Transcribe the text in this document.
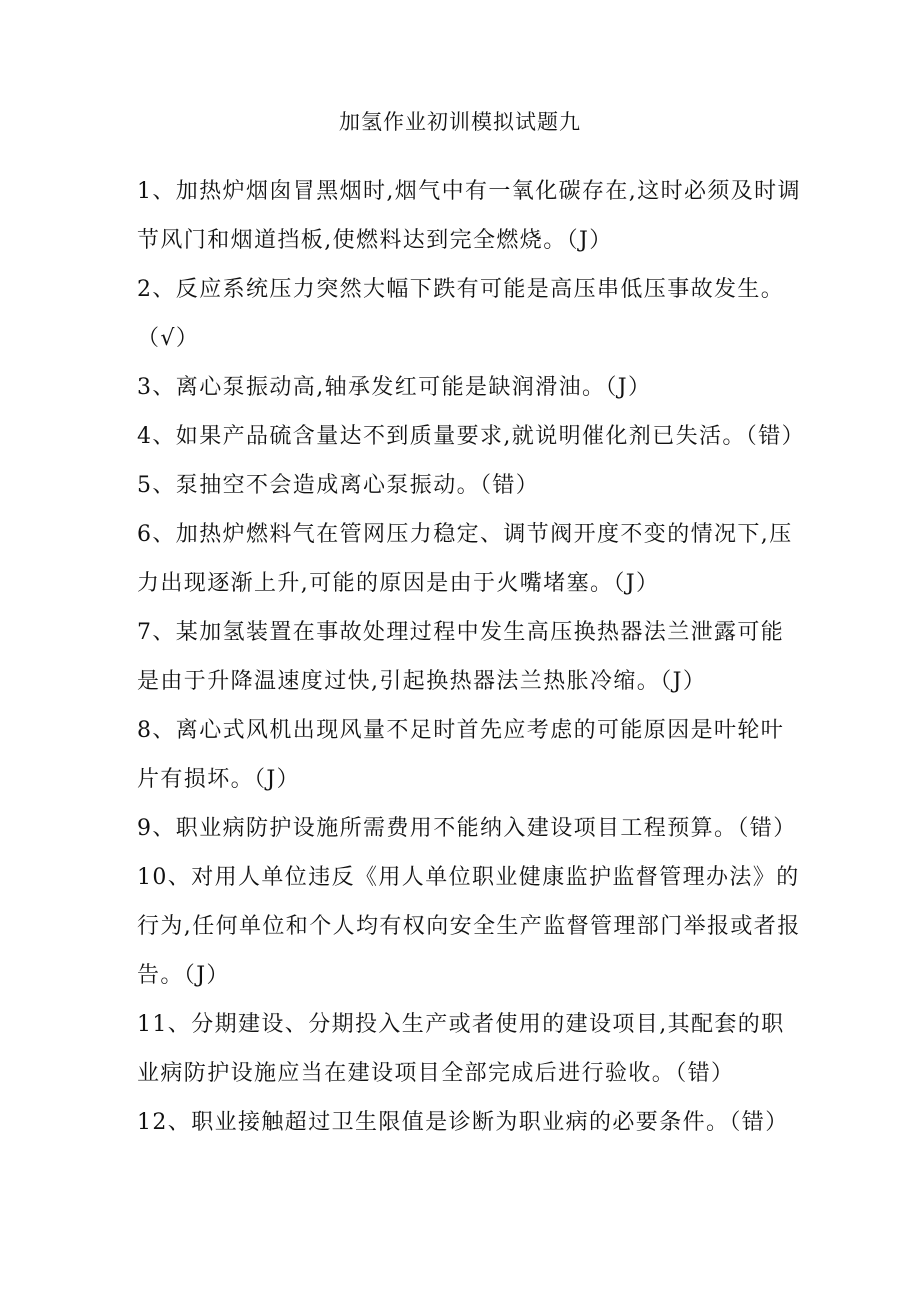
加氢作业初训模拟试题九

1、加热炉烟囱冒黑烟时,烟气中有一氧化碳存在,这时必须及时调节风门和烟道挡板,使燃料达到完全燃烧。（J）

2、反应系统压力突然大幅下跌有可能是高压串低压事故发生。（√）

3、离心泵振动高,轴承发红可能是缺润滑油。（J）

4、如果产品硫含量达不到质量要求,就说明催化剂已失活。（错）

5、泵抽空不会造成离心泵振动。（错）

6、加热炉燃料气在管网压力稳定、调节阀开度不变的情况下,压力出现逐渐上升,可能的原因是由于火嘴堵塞。（J）

7、某加氢装置在事故处理过程中发生高压换热器法兰泄露可能是由于升降温速度过快,引起换热器法兰热胀冷缩。（J）

8、离心式风机出现风量不足时首先应考虑的可能原因是叶轮叶片有损坏。（J）

9、职业病防护设施所需费用不能纳入建设项目工程预算。（错）

10、对用人单位违反《用人单位职业健康监护监督管理办法》的行为,任何单位和个人均有权向安全生产监督管理部门举报或者报告。（J）

11、分期建设、分期投入生产或者使用的建设项目,其配套的职业病防护设施应当在建设项目全部完成后进行验收。（错）

12、职业接触超过卫生限值是诊断为职业病的必要条件。（错）
